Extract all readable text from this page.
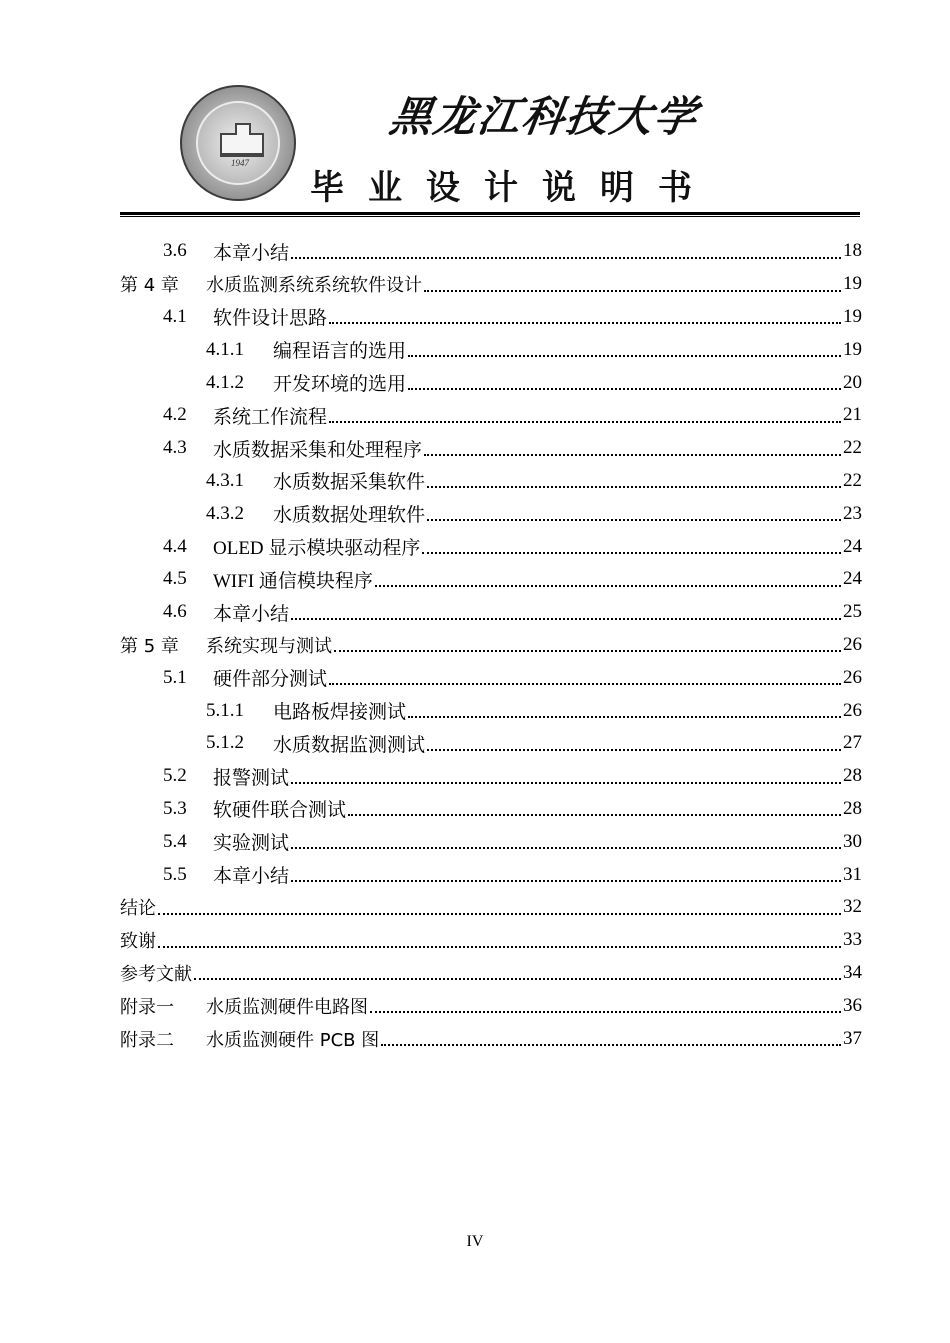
1947
黑龙江科技大学
毕业设计说明书
3.6	本章小结	18
第 4 章	水质监测系统系统软件设计	19
4.1	软件设计思路	19
4.1.1	编程语言的选用	19
4.1.2	开发环境的选用	20
4.2	系统工作流程	21
4.3	水质数据采集和处理程序	22
4.3.1	水质数据采集软件	22
4.3.2	水质数据处理软件	23
4.4	OLED 显示模块驱动程序	24
4.5	WIFI 通信模块程序	24
4.6	本章小结	25
第 5 章	系统实现与测试	26
5.1	硬件部分测试	26
5.1.1	电路板焊接测试	26
5.1.2	水质数据监测测试	27
5.2	报警测试	28
5.3	软硬件联合测试	28
5.4	实验测试	30
5.5	本章小结	31
结论	32
致谢	33
参考文献	34
附录一	水质监测硬件电路图	36
附录二	水质监测硬件 PCB 图	37
IV
